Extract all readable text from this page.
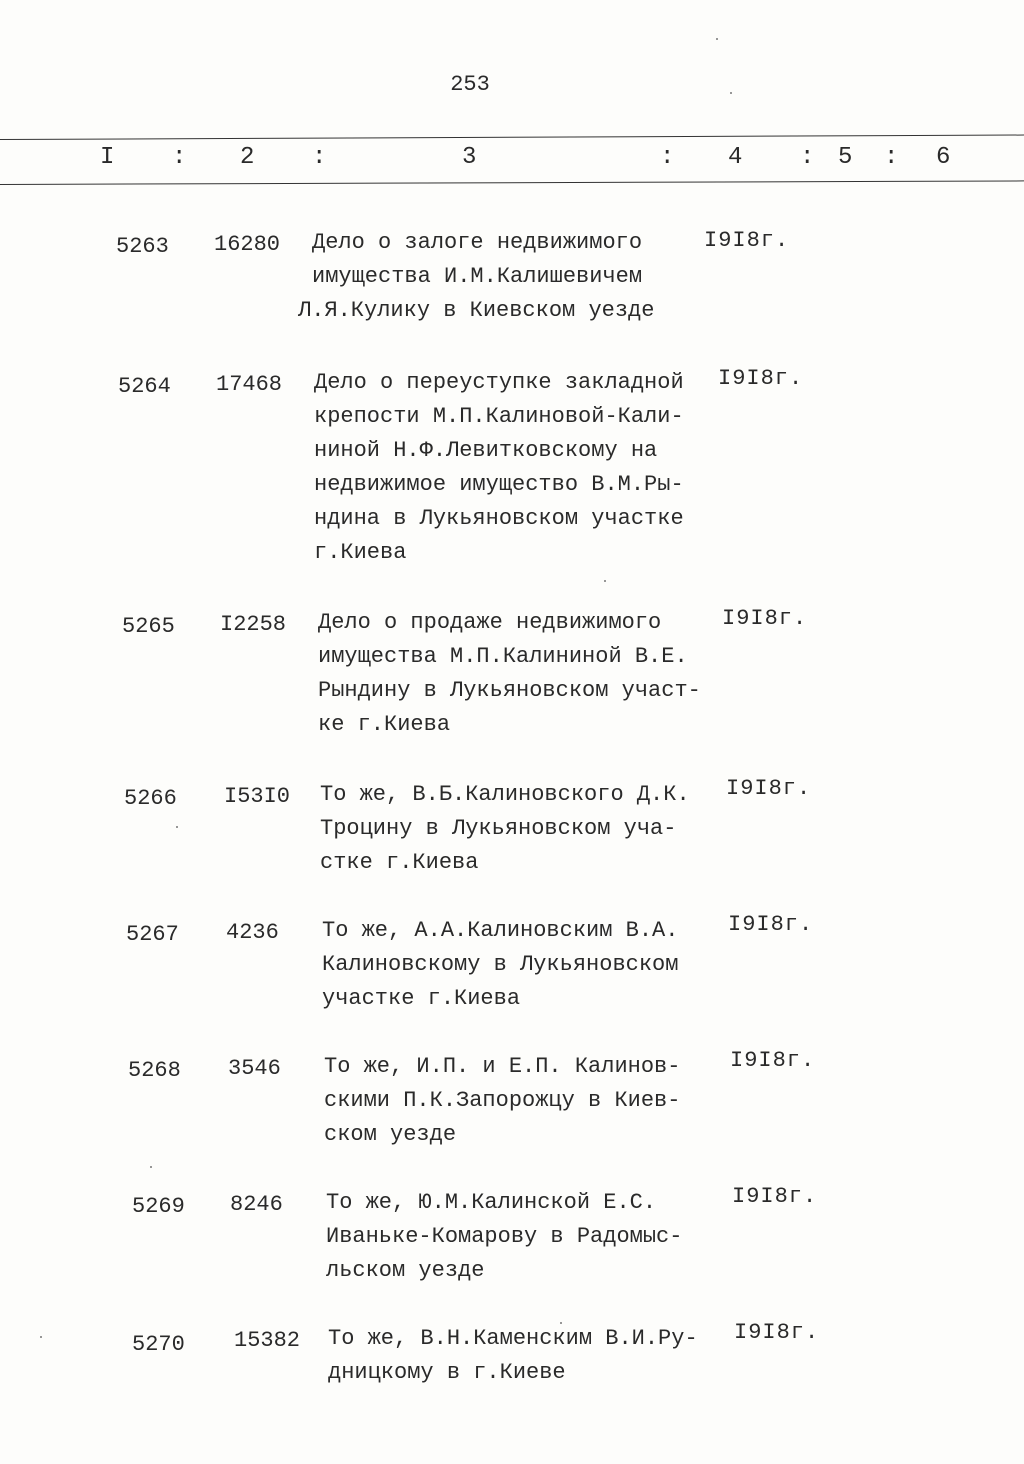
253
I : 2 :	3	: 4 : 5 : 6
5263 16280 Дело о залоге недвижимого
имущества И.М.Калишевичем
Л.Я.Кулику в Киевском уезде
I9I8г.
5264 17468 Дело о переуступке закладной
крепости М.П.Калиновой-Кали-
ниной Н.Ф.Левитковскому на
недвижимое имущество В.М.Ры-
ндина в Лукьяновском участке
г.Киева
I9I8г.
5265 I2258 Дело о продаже недвижимого
имущества М.П.Калининой В.Е.
Рындину в Лукьяновском участ-
ке г.Киева
I9I8г.
5266 I53I0 То же, В.Б.Калиновского Д.К.
Троцину в Лукьяновском уча-
стке г.Киева
I9I8г.
5267 4236 То же, А.А.Калиновским В.А.
Калиновскому в Лукьяновском
участке г.Киева
I9I8г.
5268 3546 То же, И.П. и Е.П. Калинов-
скими П.К.Запорожцу в Киев-
ском уезде
I9I8г.
5269 8246 То же, Ю.М.Калинской Е.С.
Иваньке-Комарову в Радомыс-
льском уезде
I9I8г.
5270 15382 То же, В.Н.Каменским В.И.Ру-
дницкому в г.Киеве
I9I8г.
